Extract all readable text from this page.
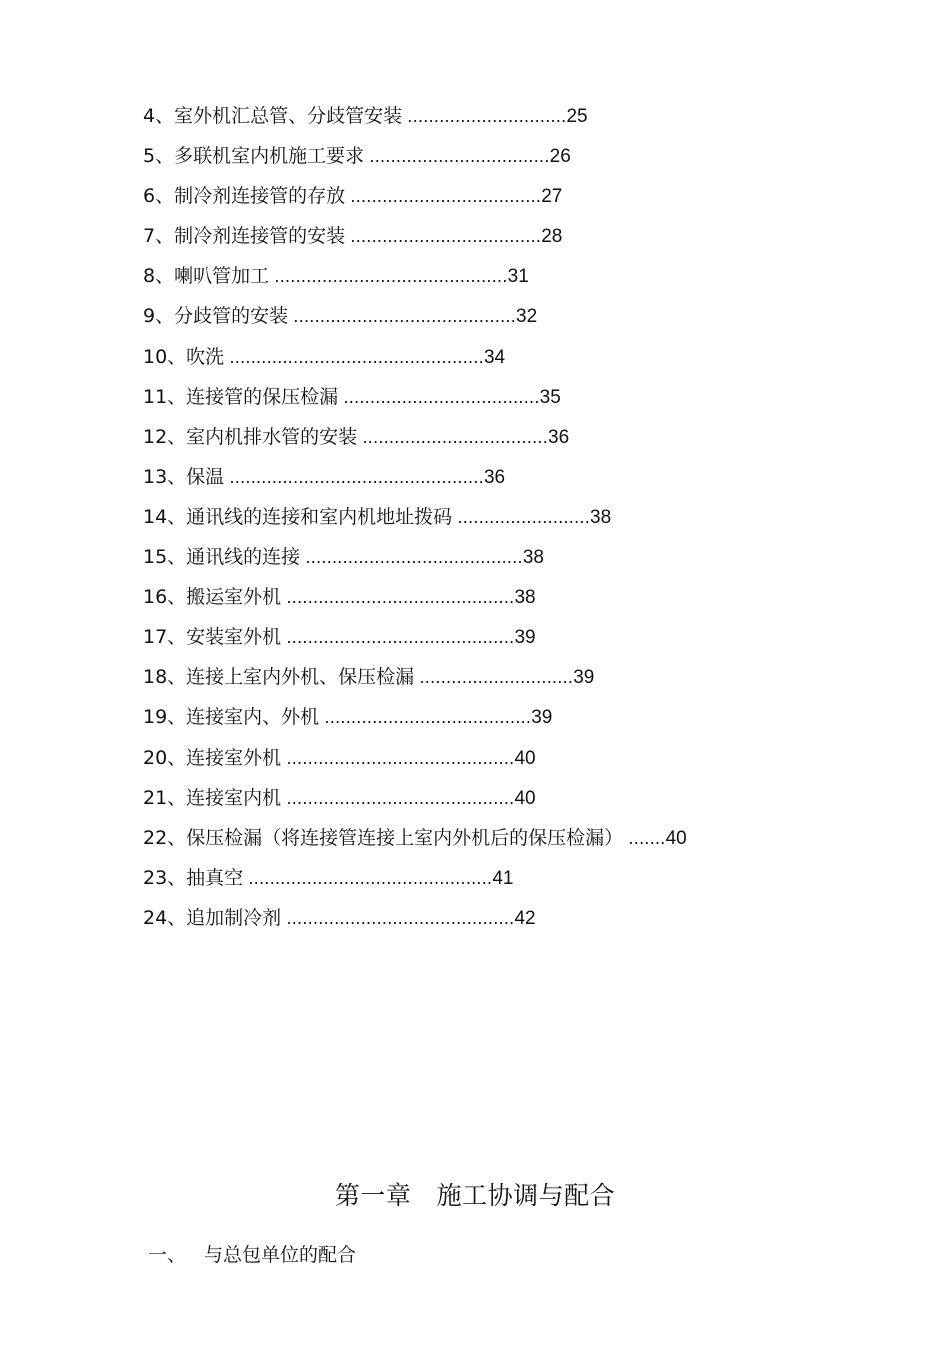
4、室外机汇总管、分歧管安装 ..............................25
5、多联机室内机施工要求 ..................................26
6、制冷剂连接管的存放 ....................................27
7、制冷剂连接管的安装 ....................................28
8、喇叭管加工 ............................................31
9、分歧管的安装 ..........................................32
10、吹洗 ................................................34
11、连接管的保压检漏 .....................................35
12、室内机排水管的安装 ...................................36
13、保温 ................................................36
14、通讯线的连接和室内机地址拨码 .........................38
15、通讯线的连接 .........................................38
16、搬运室外机 ...........................................38
17、安装室外机 ...........................................39
18、连接上室内外机、保压检漏 .............................39
19、连接室内、外机 .......................................39
20、连接室外机 ...........................................40
21、连接室内机 ...........................................40
22、保压检漏（将连接管连接上室内外机后的保压检漏） .......40
23、抽真空 ..............................................41
24、追加制冷剂 ...........................................42
第一章   施工协调与配合
一、 与总包单位的配合
